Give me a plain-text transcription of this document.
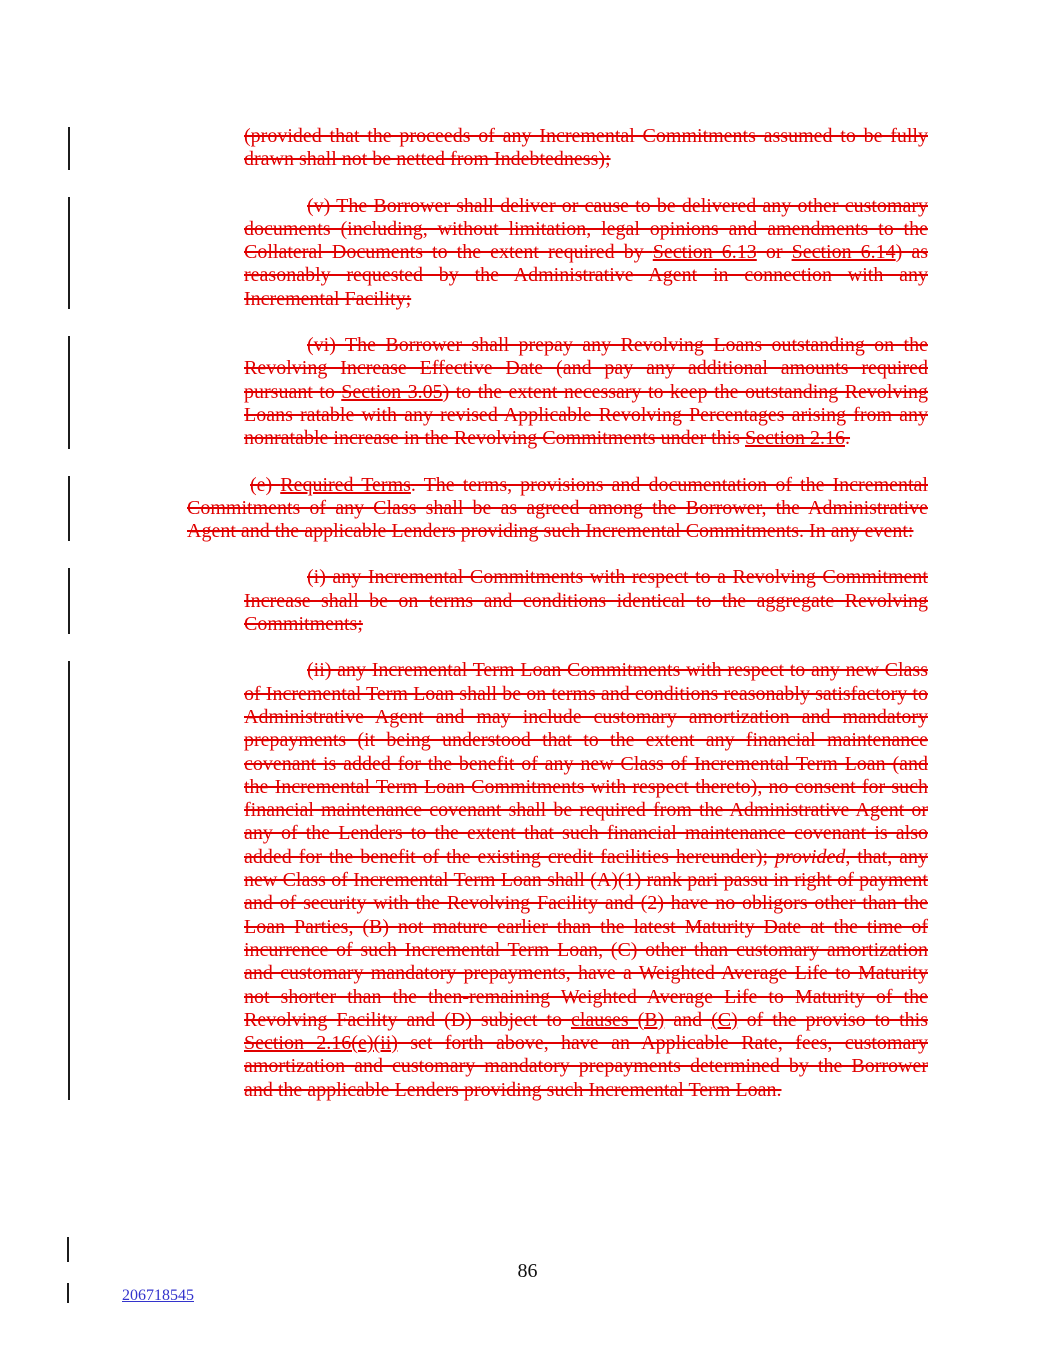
(provided that the proceeds of any Incremental Commitments assumed to be fully drawn shall not be netted from Indebtedness);
(v) The Borrower shall deliver or cause to be delivered any other customary documents (including, without limitation, legal opinions and amendments to the Collateral Documents to the extent required by Section 6.13 or Section 6.14) as reasonably requested by the Administrative Agent in connection with any Incremental Facility;
(vi) The Borrower shall prepay any Revolving Loans outstanding on the Revolving Increase Effective Date (and pay any additional amounts required pursuant to Section 3.05) to the extent necessary to keep the outstanding Revolving Loans ratable with any revised Applicable Revolving Percentages arising from any nonratable increase in the Revolving Commitments under this Section 2.16.
(e) Required Terms. The terms, provisions and documentation of the Incremental Commitments of any Class shall be as agreed among the Borrower, the Administrative Agent and the applicable Lenders providing such Incremental Commitments. In any event:
(i) any Incremental Commitments with respect to a Revolving Commitment Increase shall be on terms and conditions identical to the aggregate Revolving Commitments;
(ii) any Incremental Term Loan Commitments with respect to any new Class of Incremental Term Loan shall be on terms and conditions reasonably satisfactory to Administrative Agent and may include customary amortization and mandatory prepayments (it being understood that to the extent any financial maintenance covenant is added for the benefit of any new Class of Incremental Term Loan (and the Incremental Term Loan Commitments with respect thereto), no consent for such financial maintenance covenant shall be required from the Administrative Agent or any of the Lenders to the extent that such financial maintenance covenant is also added for the benefit of the existing credit facilities hereunder); provided, that, any new Class of Incremental Term Loan shall (A)(1) rank pari passu in right of payment and of security with the Revolving Facility and (2) have no obligors other than the Loan Parties, (B) not mature earlier than the latest Maturity Date at the time of incurrence of such Incremental Term Loan, (C) other than customary amortization and customary mandatory prepayments, have a Weighted Average Life to Maturity not shorter than the then-remaining Weighted Average Life to Maturity of the Revolving Facility and (D) subject to clauses (B) and (C) of the proviso to this Section 2.16(e)(ii) set forth above, have an Applicable Rate, fees, customary amortization and customary mandatory prepayments determined by the Borrower and the applicable Lenders providing such Incremental Term Loan.
86
206718545
